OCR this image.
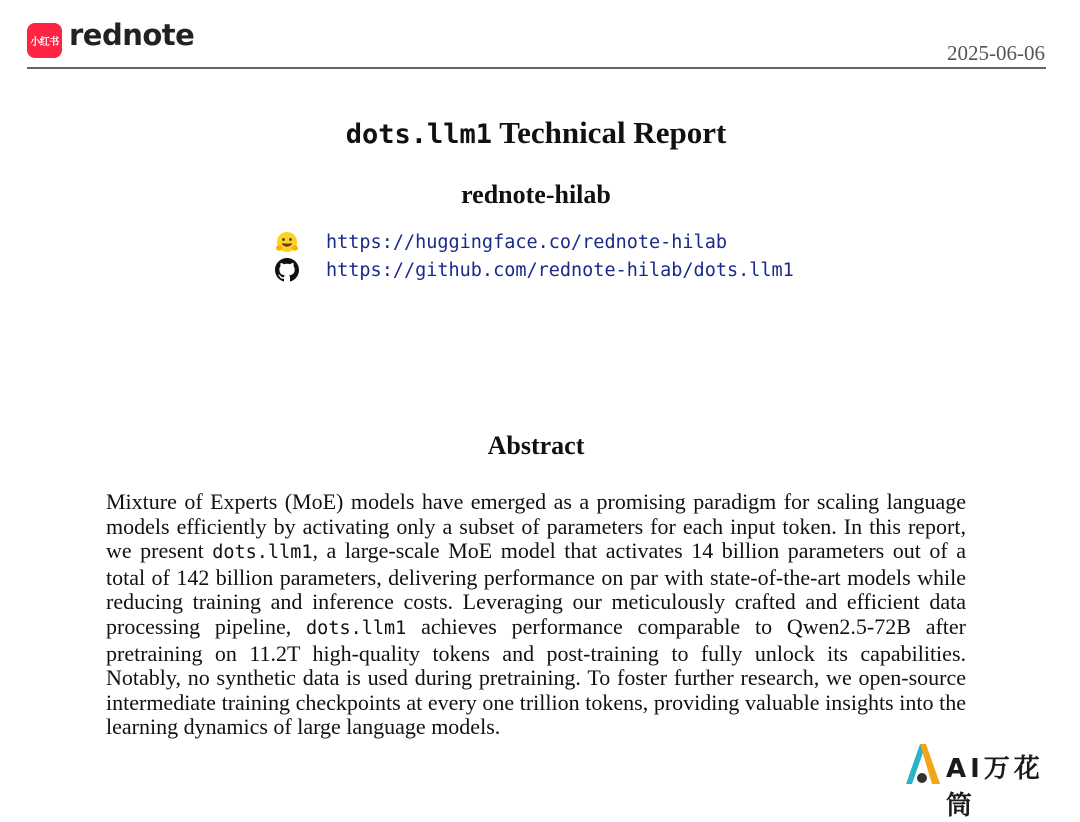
小红书 rednote
2025-06-06
dots.llm1 Technical Report
rednote-hilab
https://huggingface.co/rednote-hilab
https://github.com/rednote-hilab/dots.llm1
Abstract
Mixture of Experts (MoE) models have emerged as a promising paradigm for scaling language models efficiently by activating only a subset of parameters for each input token. In this report, we present dots.llm1, a large-scale MoE model that activates 14 billion parameters out of a total of 142 billion parameters, delivering performance on par with state-of-the-art models while reducing training and inference costs. Leveraging our meticulously crafted and efficient data processing pipeline, dots.llm1 achieves performance comparable to Qwen2.5-72B after pretraining on 11.2T high-quality tokens and post-training to fully unlock its capabilities. Notably, no synthetic data is used during pretraining. To foster further research, we open-source intermediate training checkpoints at every one trillion tokens, providing valuable insights into the learning dynamics of large language models.
AI万花筒
